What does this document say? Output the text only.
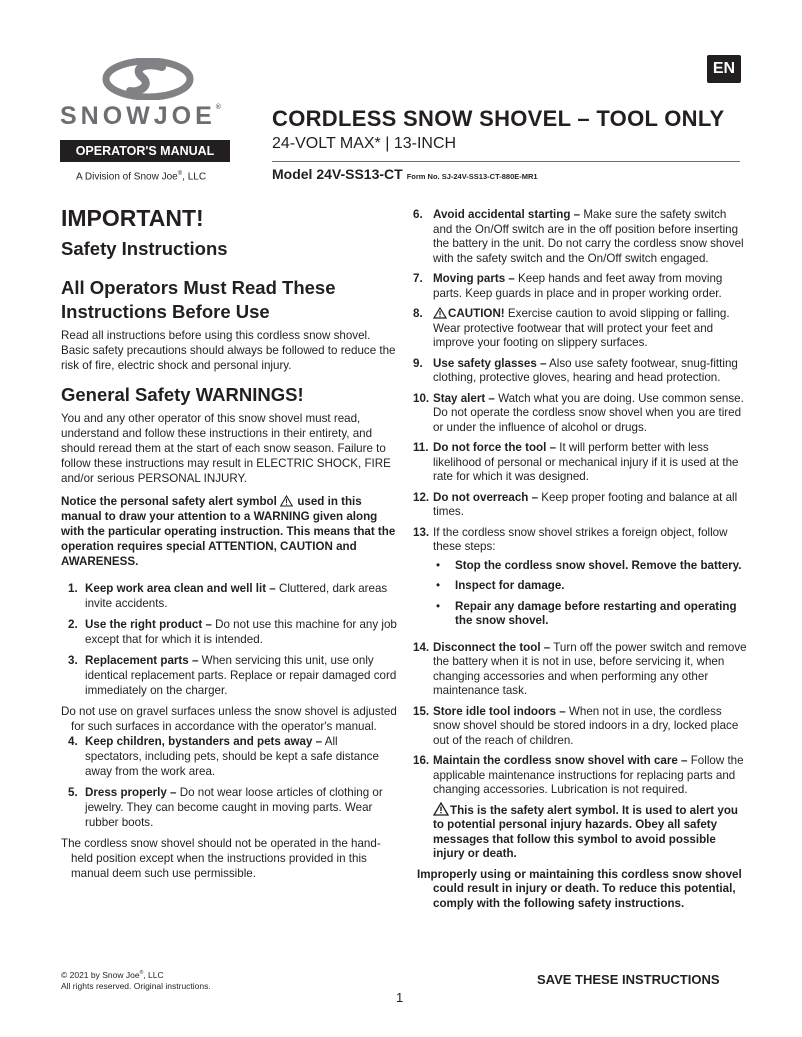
SNOWJOE®
OPERATOR'S MANUAL
A Division of Snow Joe®, LLC
EN
CORDLESS SNOW SHOVEL – TOOL ONLY
24-VOLT MAX* | 13-INCH
Model 24V-SS13-CT Form No. SJ-24V-SS13-CT-880E-MR1
IMPORTANT!
Safety Instructions
All Operators Must Read These Instructions Before Use

Read all instructions before using this cordless snow shovel. Basic safety precautions should always be followed to reduce the risk of fire, electric shock and personal injury.

General Safety WARNINGS!

You and any other operator of this snow shovel must read, understand and follow these instructions in their entirety, and should reread them at the start of each snow season. Failure to follow these instructions may result in ELECTRIC SHOCK, FIRE and/or serious PERSONAL INJURY.

Notice the personal safety alert symbol used in this manual to draw your attention to a WARNING given along with the particular operating instruction. This means that the operation requires special ATTENTION, CAUTION and AWARENESS.

1. Keep work area clean and well lit – Cluttered, dark areas invite accidents.
2. Use the right product – Do not use this machine for any job except that for which it is intended.
3. Replacement parts – When servicing this unit, use only identical replacement parts. Replace or repair damaged cord immediately on the charger.

Do not use on gravel surfaces unless the snow shovel is adjusted for such surfaces in accordance with the operator's manual.

4. Keep children, bystanders and pets away – All spectators, including pets, should be kept a safe distance away from the work area.
5. Dress properly – Do not wear loose articles of clothing or jewelry. They can become caught in moving parts. Wear rubber boots.

The cordless snow shovel should not be operated in the hand-held position except when the instructions provided in this manual deem such use permissible.

6. Avoid accidental starting – Make sure the safety switch and the On/Off switch are in the off position before inserting the battery in the unit. Do not carry the cordless snow shovel with the safety switch and the On/Off switch engaged.
7. Moving parts – Keep hands and feet away from moving parts. Keep guards in place and in proper working order.
8.	CAUTION! Exercise caution to avoid slipping or falling. Wear protective footwear that will protect your feet and improve your footing on slippery surfaces.
9. Use safety glasses – Also use safety footwear, snug-fitting clothing, protective gloves, hearing and head protection.
10. Stay alert – Watch what you are doing. Use common sense. Do not operate the cordless snow shovel when you are tired or under the influence of alcohol or drugs.
11. Do not force the tool – It will perform better with less likelihood of personal or mechanical injury if it is used at the rate for which it was designed.
12. Do not overreach – Keep proper footing and balance at all times.
13. If the cordless snow shovel strikes a foreign object, follow these steps:
•	Stop the cordless snow shovel. Remove the battery.
•	Inspect for damage.
•	Repair any damage before restarting and operating the snow shovel.
14. Disconnect the tool – Turn off the power switch and remove the battery when it is not in use, before servicing it, when changing accessories and when performing any other maintenance task.
15. Store idle tool indoors – When not in use, the cordless snow shovel should be stored indoors in a dry, locked place out of the reach of children.
16. Maintain the cordless snow shovel with care – Follow the applicable maintenance instructions for replacing parts and changing accessories. Lubrication is not required.

This is the safety alert symbol. It is used to alert you to potential personal injury hazards. Obey all safety messages that follow this symbol to avoid possible injury or death.

Improperly using or maintaining this cordless snow shovel could result in injury or death. To reduce this potential, comply with the following safety instructions.

© 2021 by Snow Joe®, LLC
All rights reserved. Original instructions.	SAVE THESE INSTRUCTIONS
1
